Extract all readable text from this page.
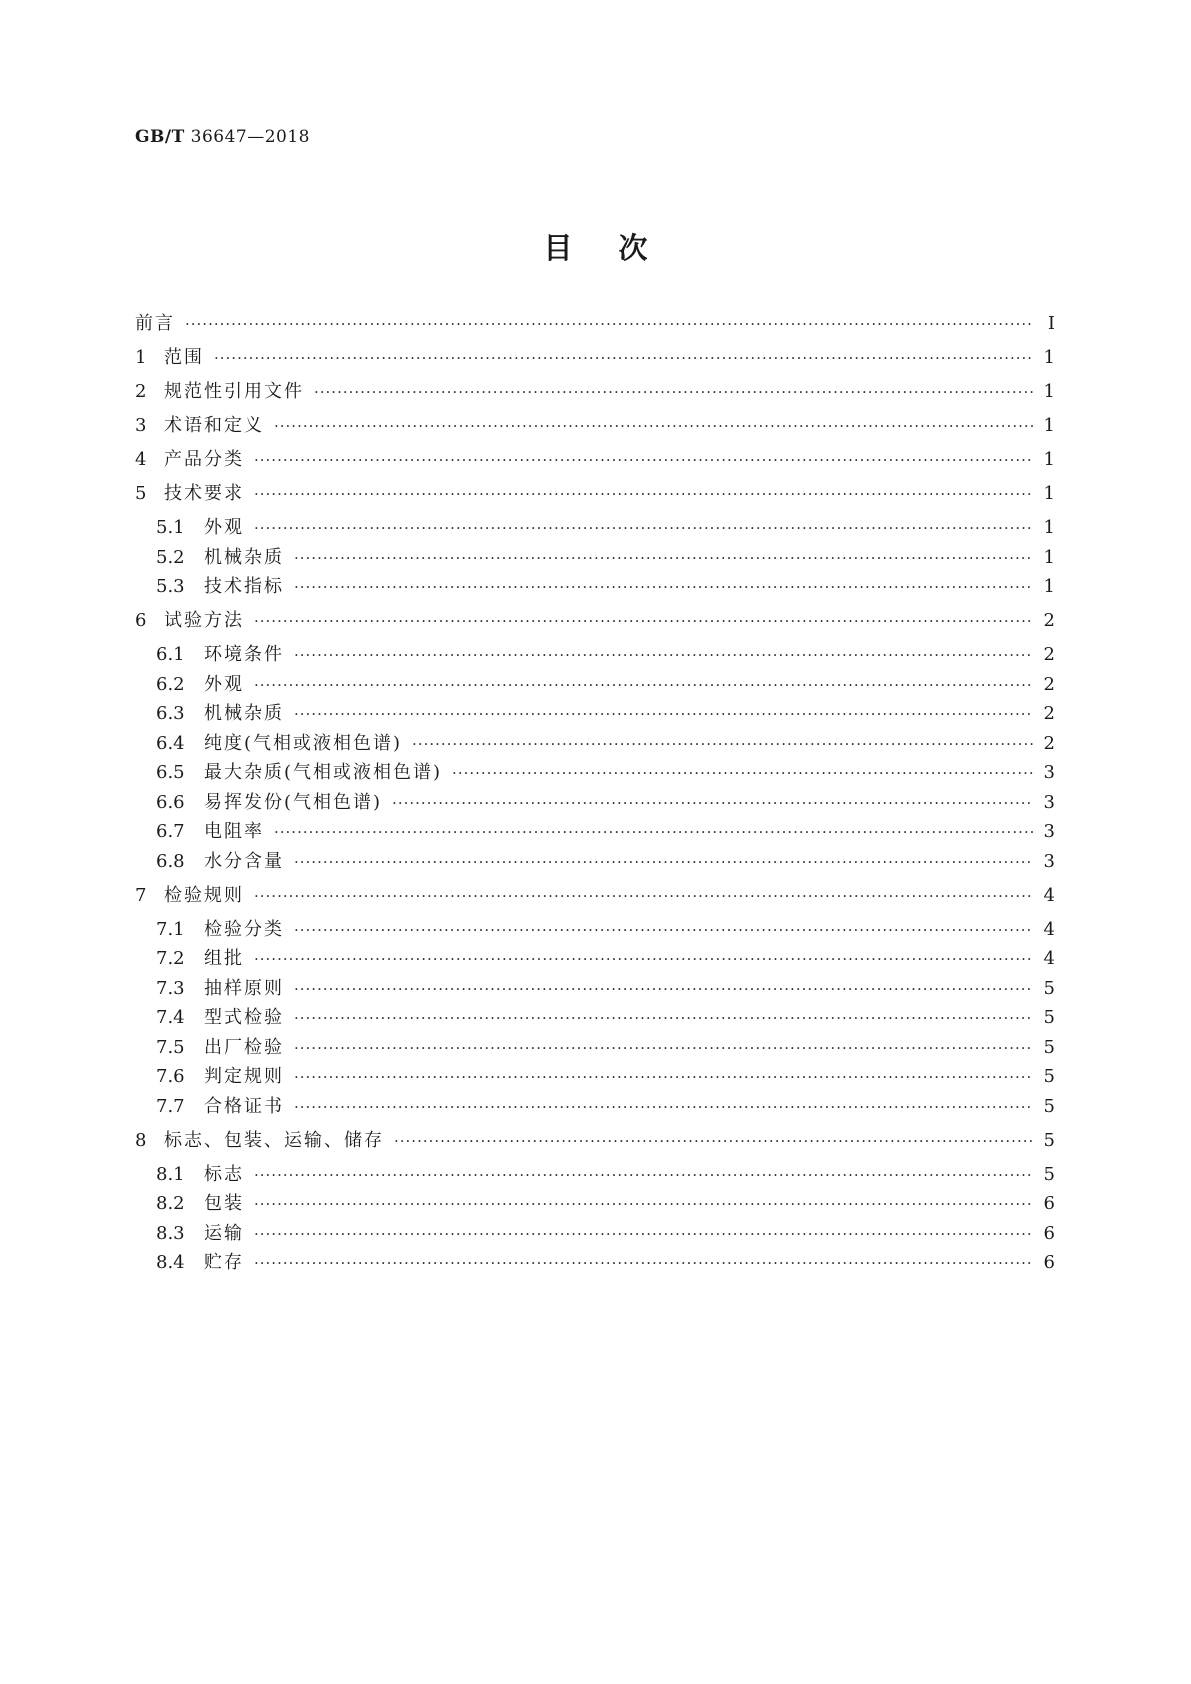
GB/T 36647—2018
目次
前言 ·····	Ⅰ
1 范围 ·····	1
2 规范性引用文件 ·····	1
3 术语和定义 ·····	1
4 产品分类 ·····	1
5 技术要求 ·····	1
5.1	外观 ·····	1
5.2	机械杂质 ·····	1
5.3	技术指标 ·····	1
6 试验方法 ·····	2
6.1	环境条件 ·····	2
6.2	外观 ·····	2
6.3	机械杂质 ·····	2
6.4	纯度(气相或液相色谱) ·····	2
6.5	最大杂质(气相或液相色谱) ·····	3
6.6	易挥发份(气相色谱) ·····	3
6.7	电阻率 ·····	3
6.8	水分含量 ·····	3
7 检验规则 ·····	4
7.1	检验分类 ·····	4
7.2	组批 ·····	4
7.3	抽样原则 ·····	5
7.4	型式检验 ·····	5
7.5	出厂检验 ·····	5
7.6	判定规则 ·····	5
7.7	合格证书 ·····	5
8 标志、包装、运输、储存 ·····	5
8.1	标志 ·····	5
8.2	包装 ·····	6
8.3	运输 ·····	6
8.4	贮存 ·····	6
